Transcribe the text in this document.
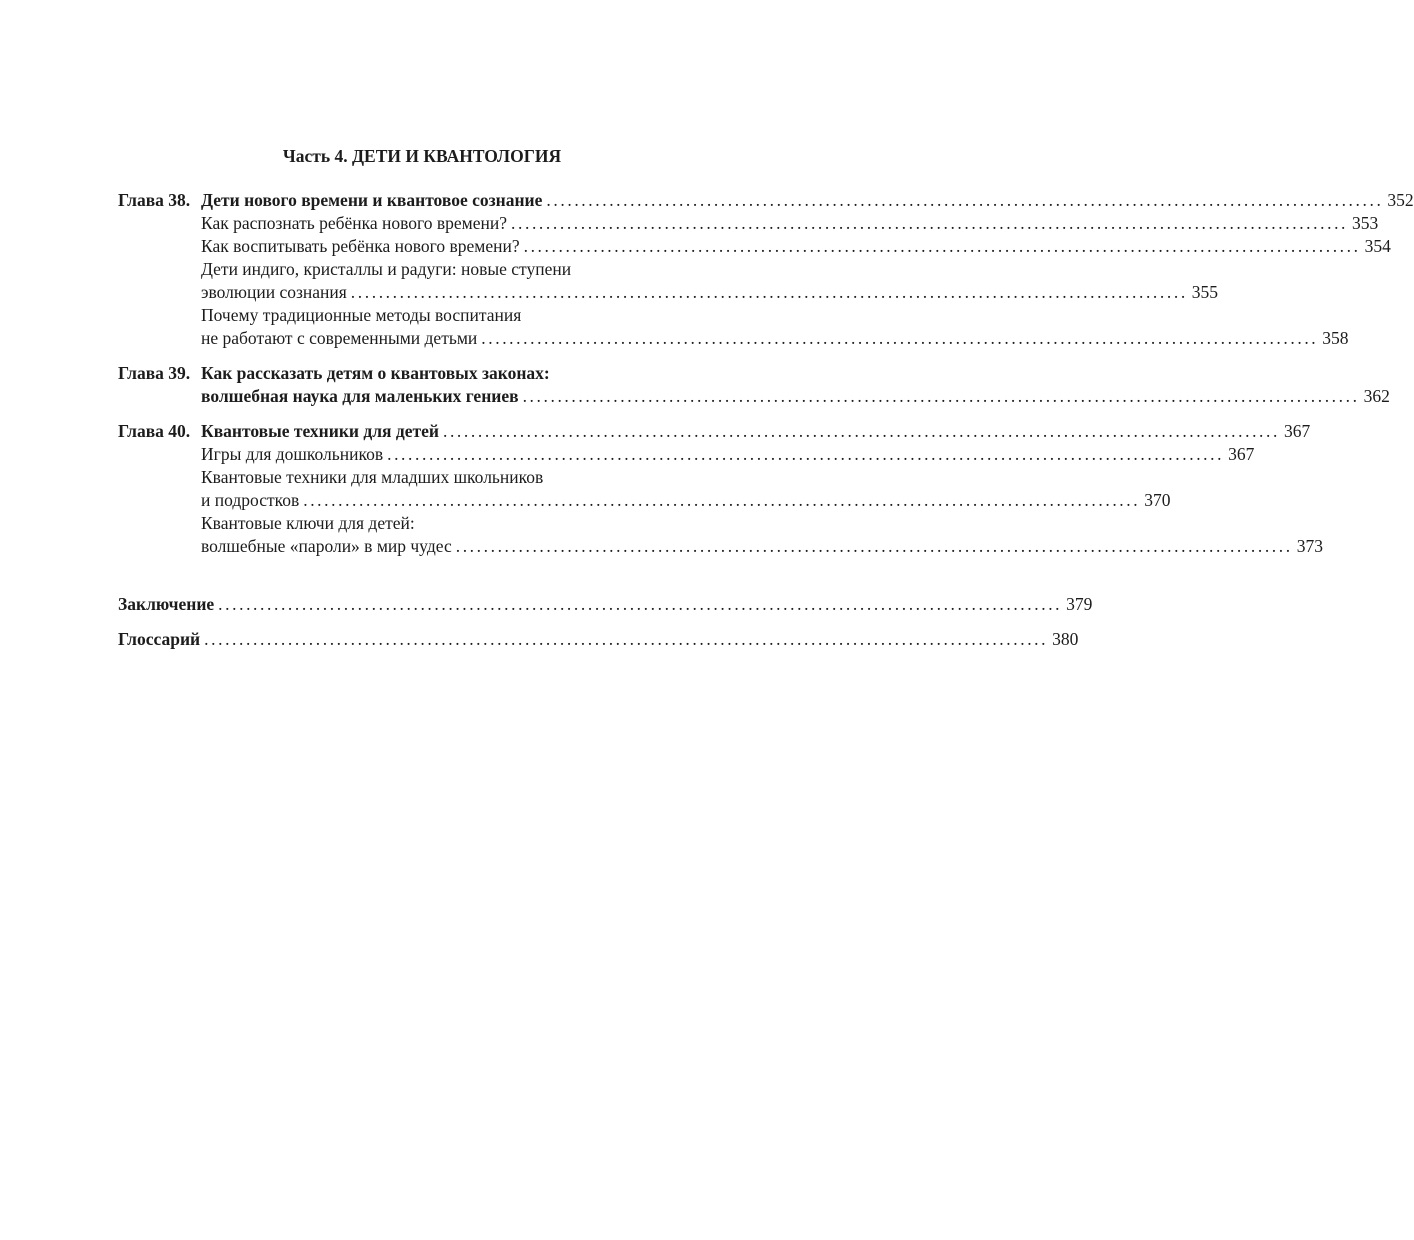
Часть 4. ДЕТИ И КВАНТОЛОГИЯ
Глава 38. Дети нового времени и квантовое сознание ........................................................................................................................ 352
Как распознать ребёнка нового времени? ........................................................................................................................ 353
Как воспитывать ребёнка нового времени? ........................................................................................................................ 354
Дети индиго, кристаллы и радуги: новые ступени
эволюции сознания ........................................................................................................................ 355
Почему традиционные методы воспитания
не работают с современными детьми ........................................................................................................................ 358
Глава 39. Как рассказать детям о квантовых законах:
волшебная наука для маленьких гениев ........................................................................................................................ 362
Глава 40. Квантовые техники для детей ........................................................................................................................ 367
Игры для дошкольников ........................................................................................................................ 367
Квантовые техники для младших школьников
и подростков ........................................................................................................................ 370
Квантовые ключи для детей:
волшебные «пароли» в мир чудес ........................................................................................................................ 373
Заключение ......................................................................................................................... 379
Глоссарий ......................................................................................................................... 380
